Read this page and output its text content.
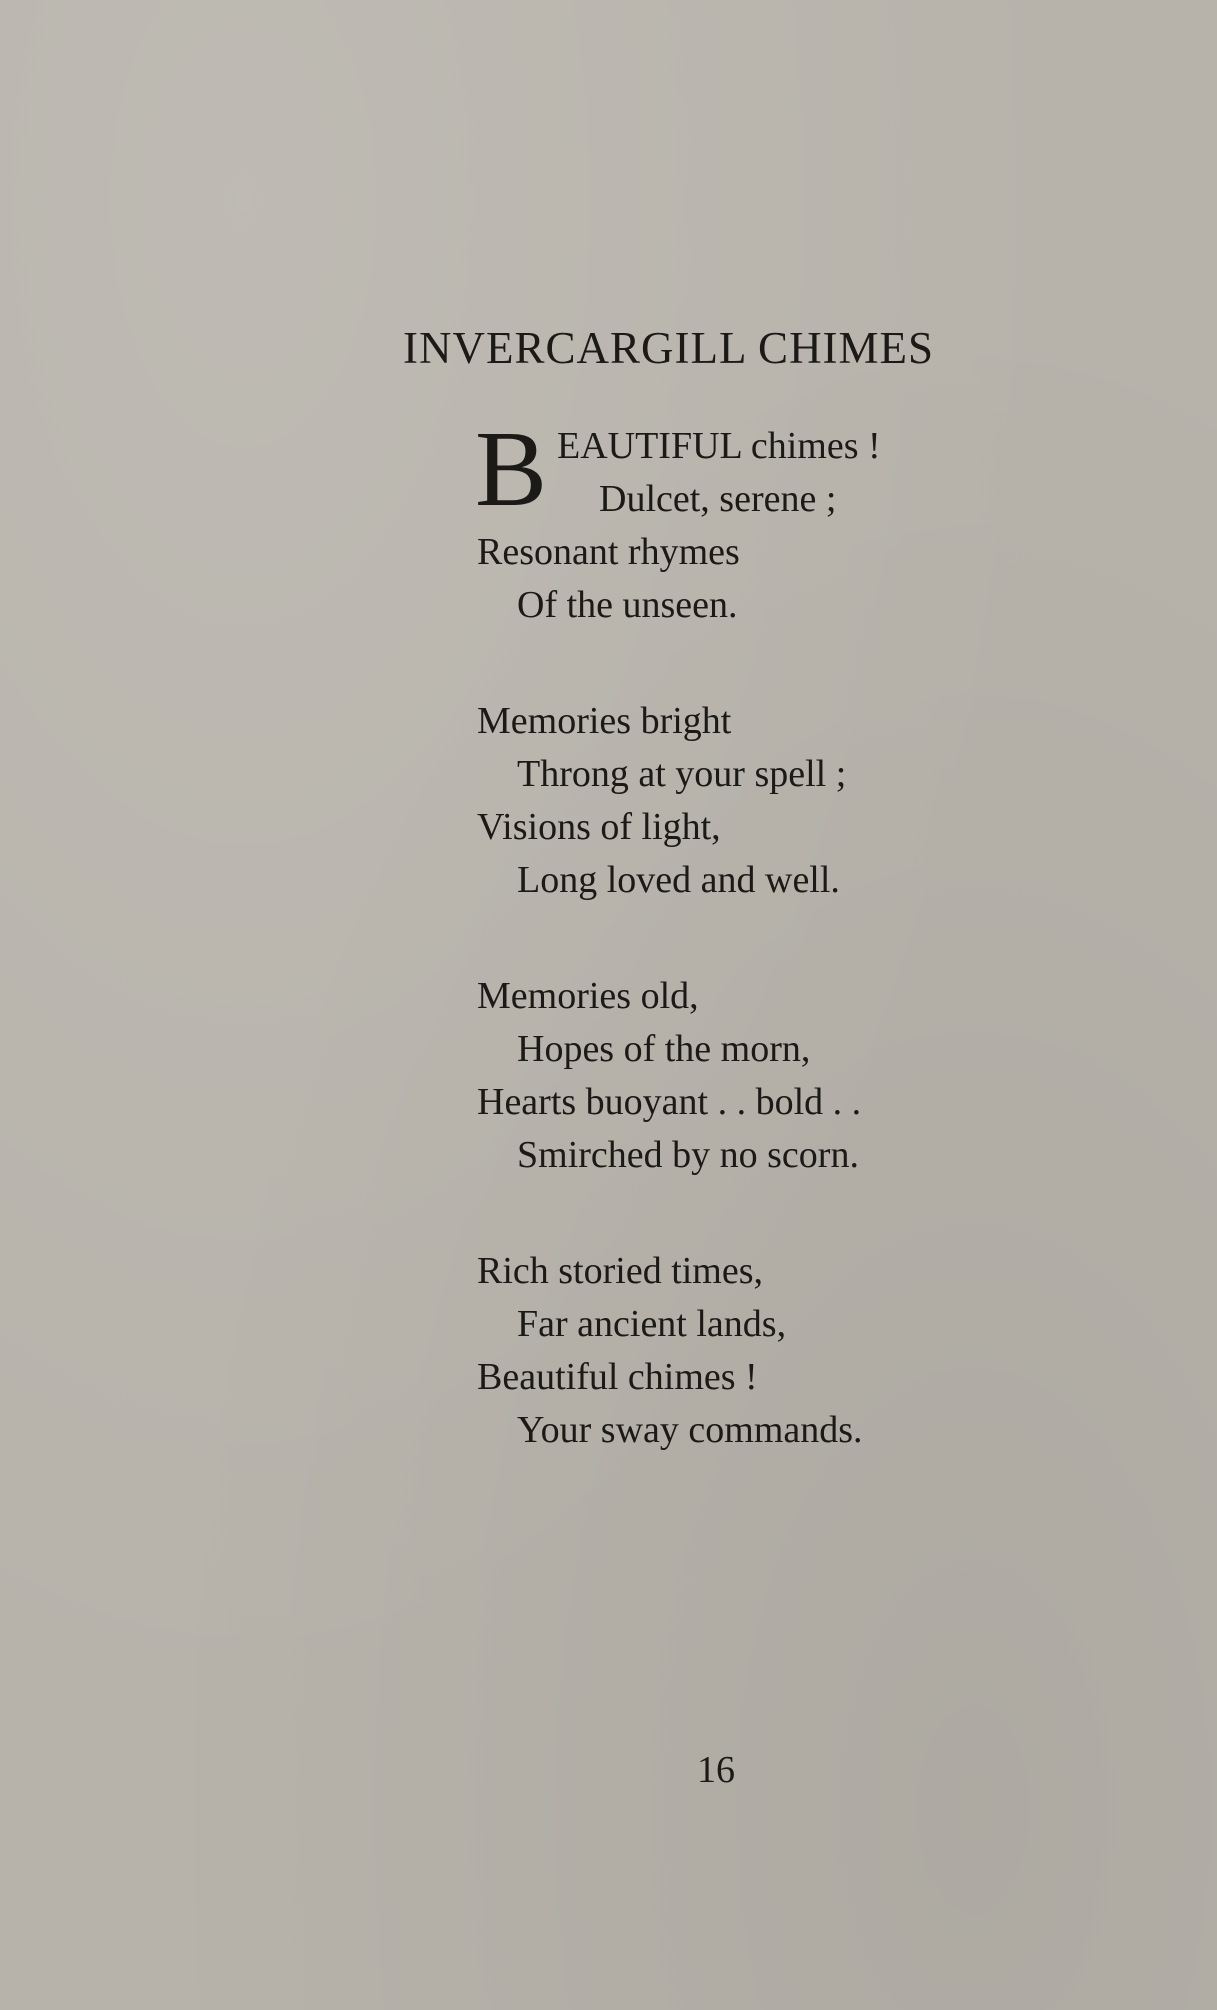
INVERCARGILL CHIMES
B EAUTIFUL chimes !
Dulcet, serene ;
Resonant rhymes
Of the unseen.
Memories bright
Throng at your spell ;
Visions of light,
Long loved and well.
Memories old,
Hopes of the morn,
Hearts buoyant . . bold . .
Smirched by no scorn.
Rich storied times,
Far ancient lands,
Beautiful chimes !
Your sway commands.
16
